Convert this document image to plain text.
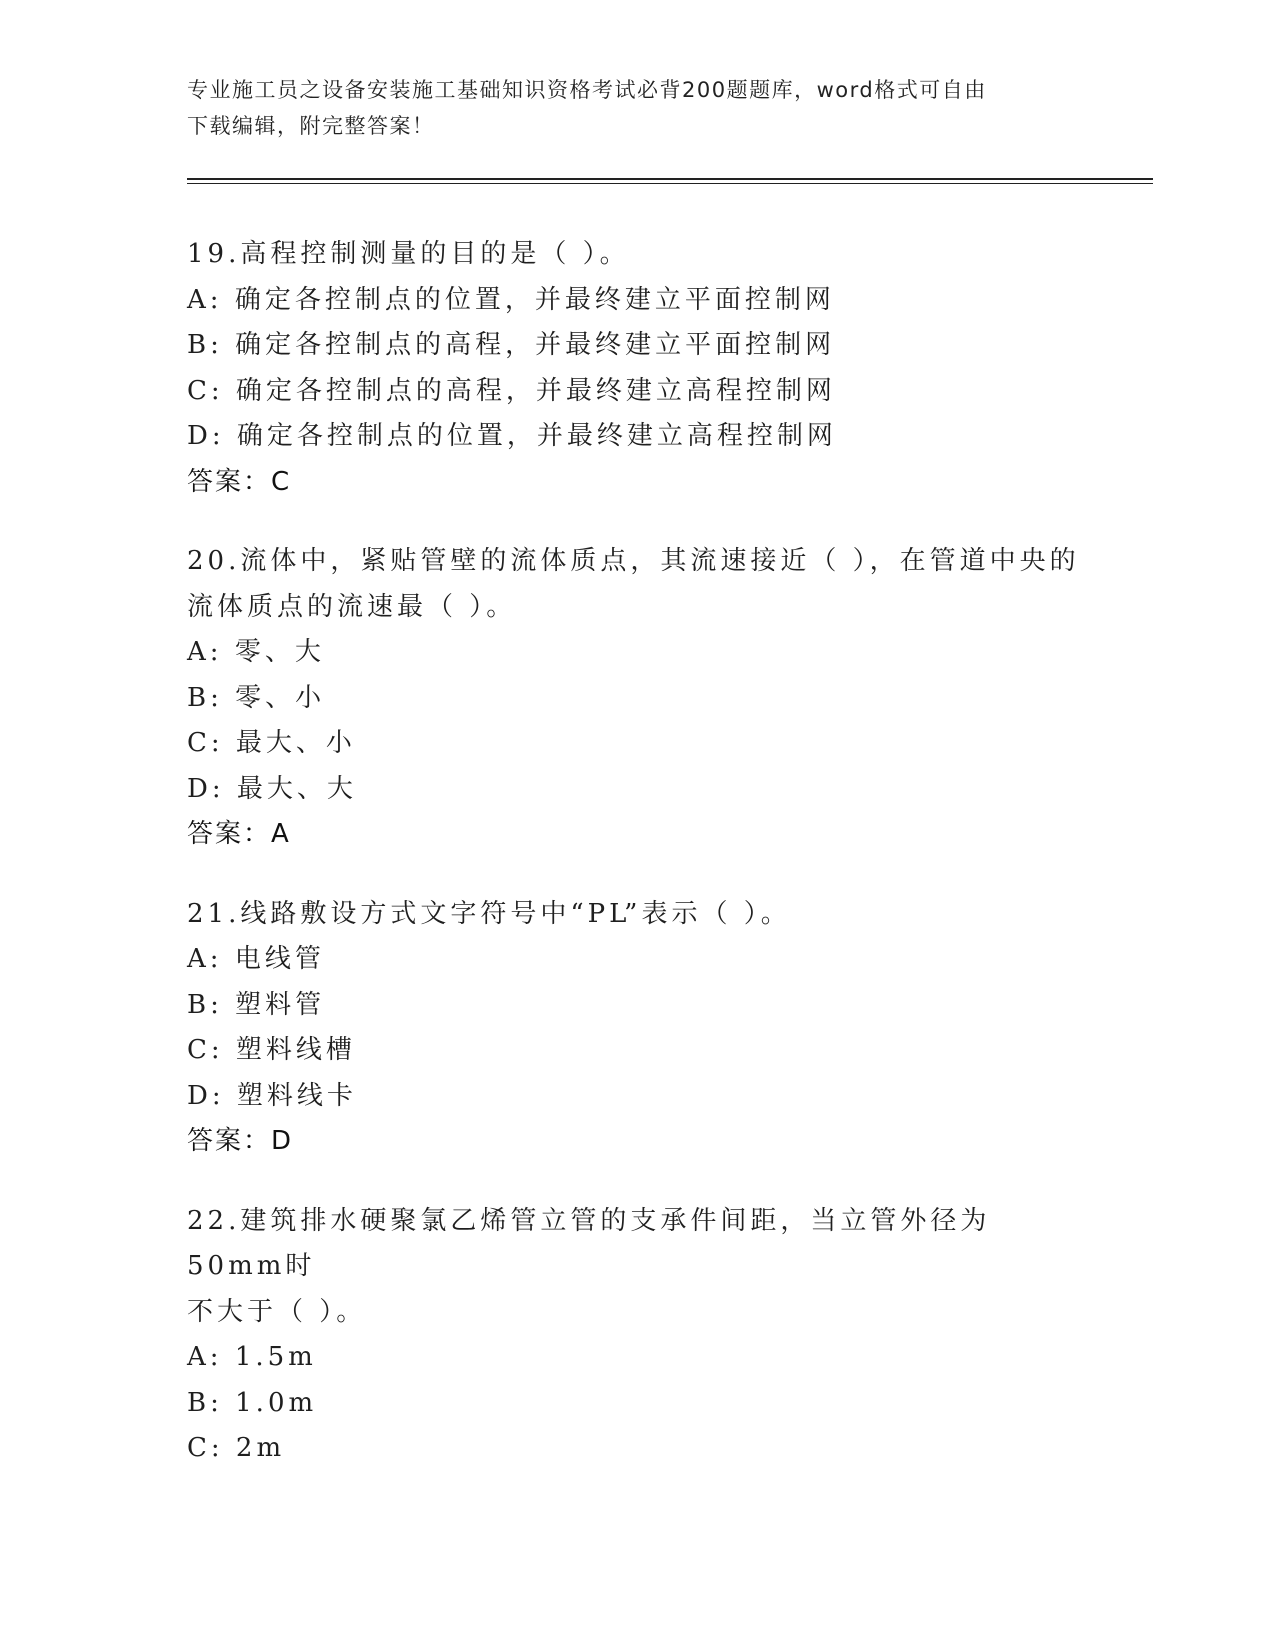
专业施工员之设备安装施工基础知识资格考试必背200题题库，word格式可自由
下载编辑，附完整答案！
19.高程控制测量的目的是（ ）。
A: 确定各控制点的位置，并最终建立平面控制网
B: 确定各控制点的高程，并最终建立平面控制网
C: 确定各控制点的高程，并最终建立高程控制网
D: 确定各控制点的位置，并最终建立高程控制网
答案：C
20.流体中，紧贴管壁的流体质点，其流速接近（ ），在管道中央的
流体质点的流速最（ ）。
A: 零、大
B: 零、小
C: 最大、小
D: 最大、大
答案：A
21.线路敷设方式文字符号中“PL”表示（ ）。
A: 电线管
B: 塑料管
C: 塑料线槽
D: 塑料线卡
答案：D
22.建筑排水硬聚氯乙烯管立管的支承件间距，当立管外径为50mm时
不大于（ ）。
A: 1.5m
B: 1.0m
C: 2m
